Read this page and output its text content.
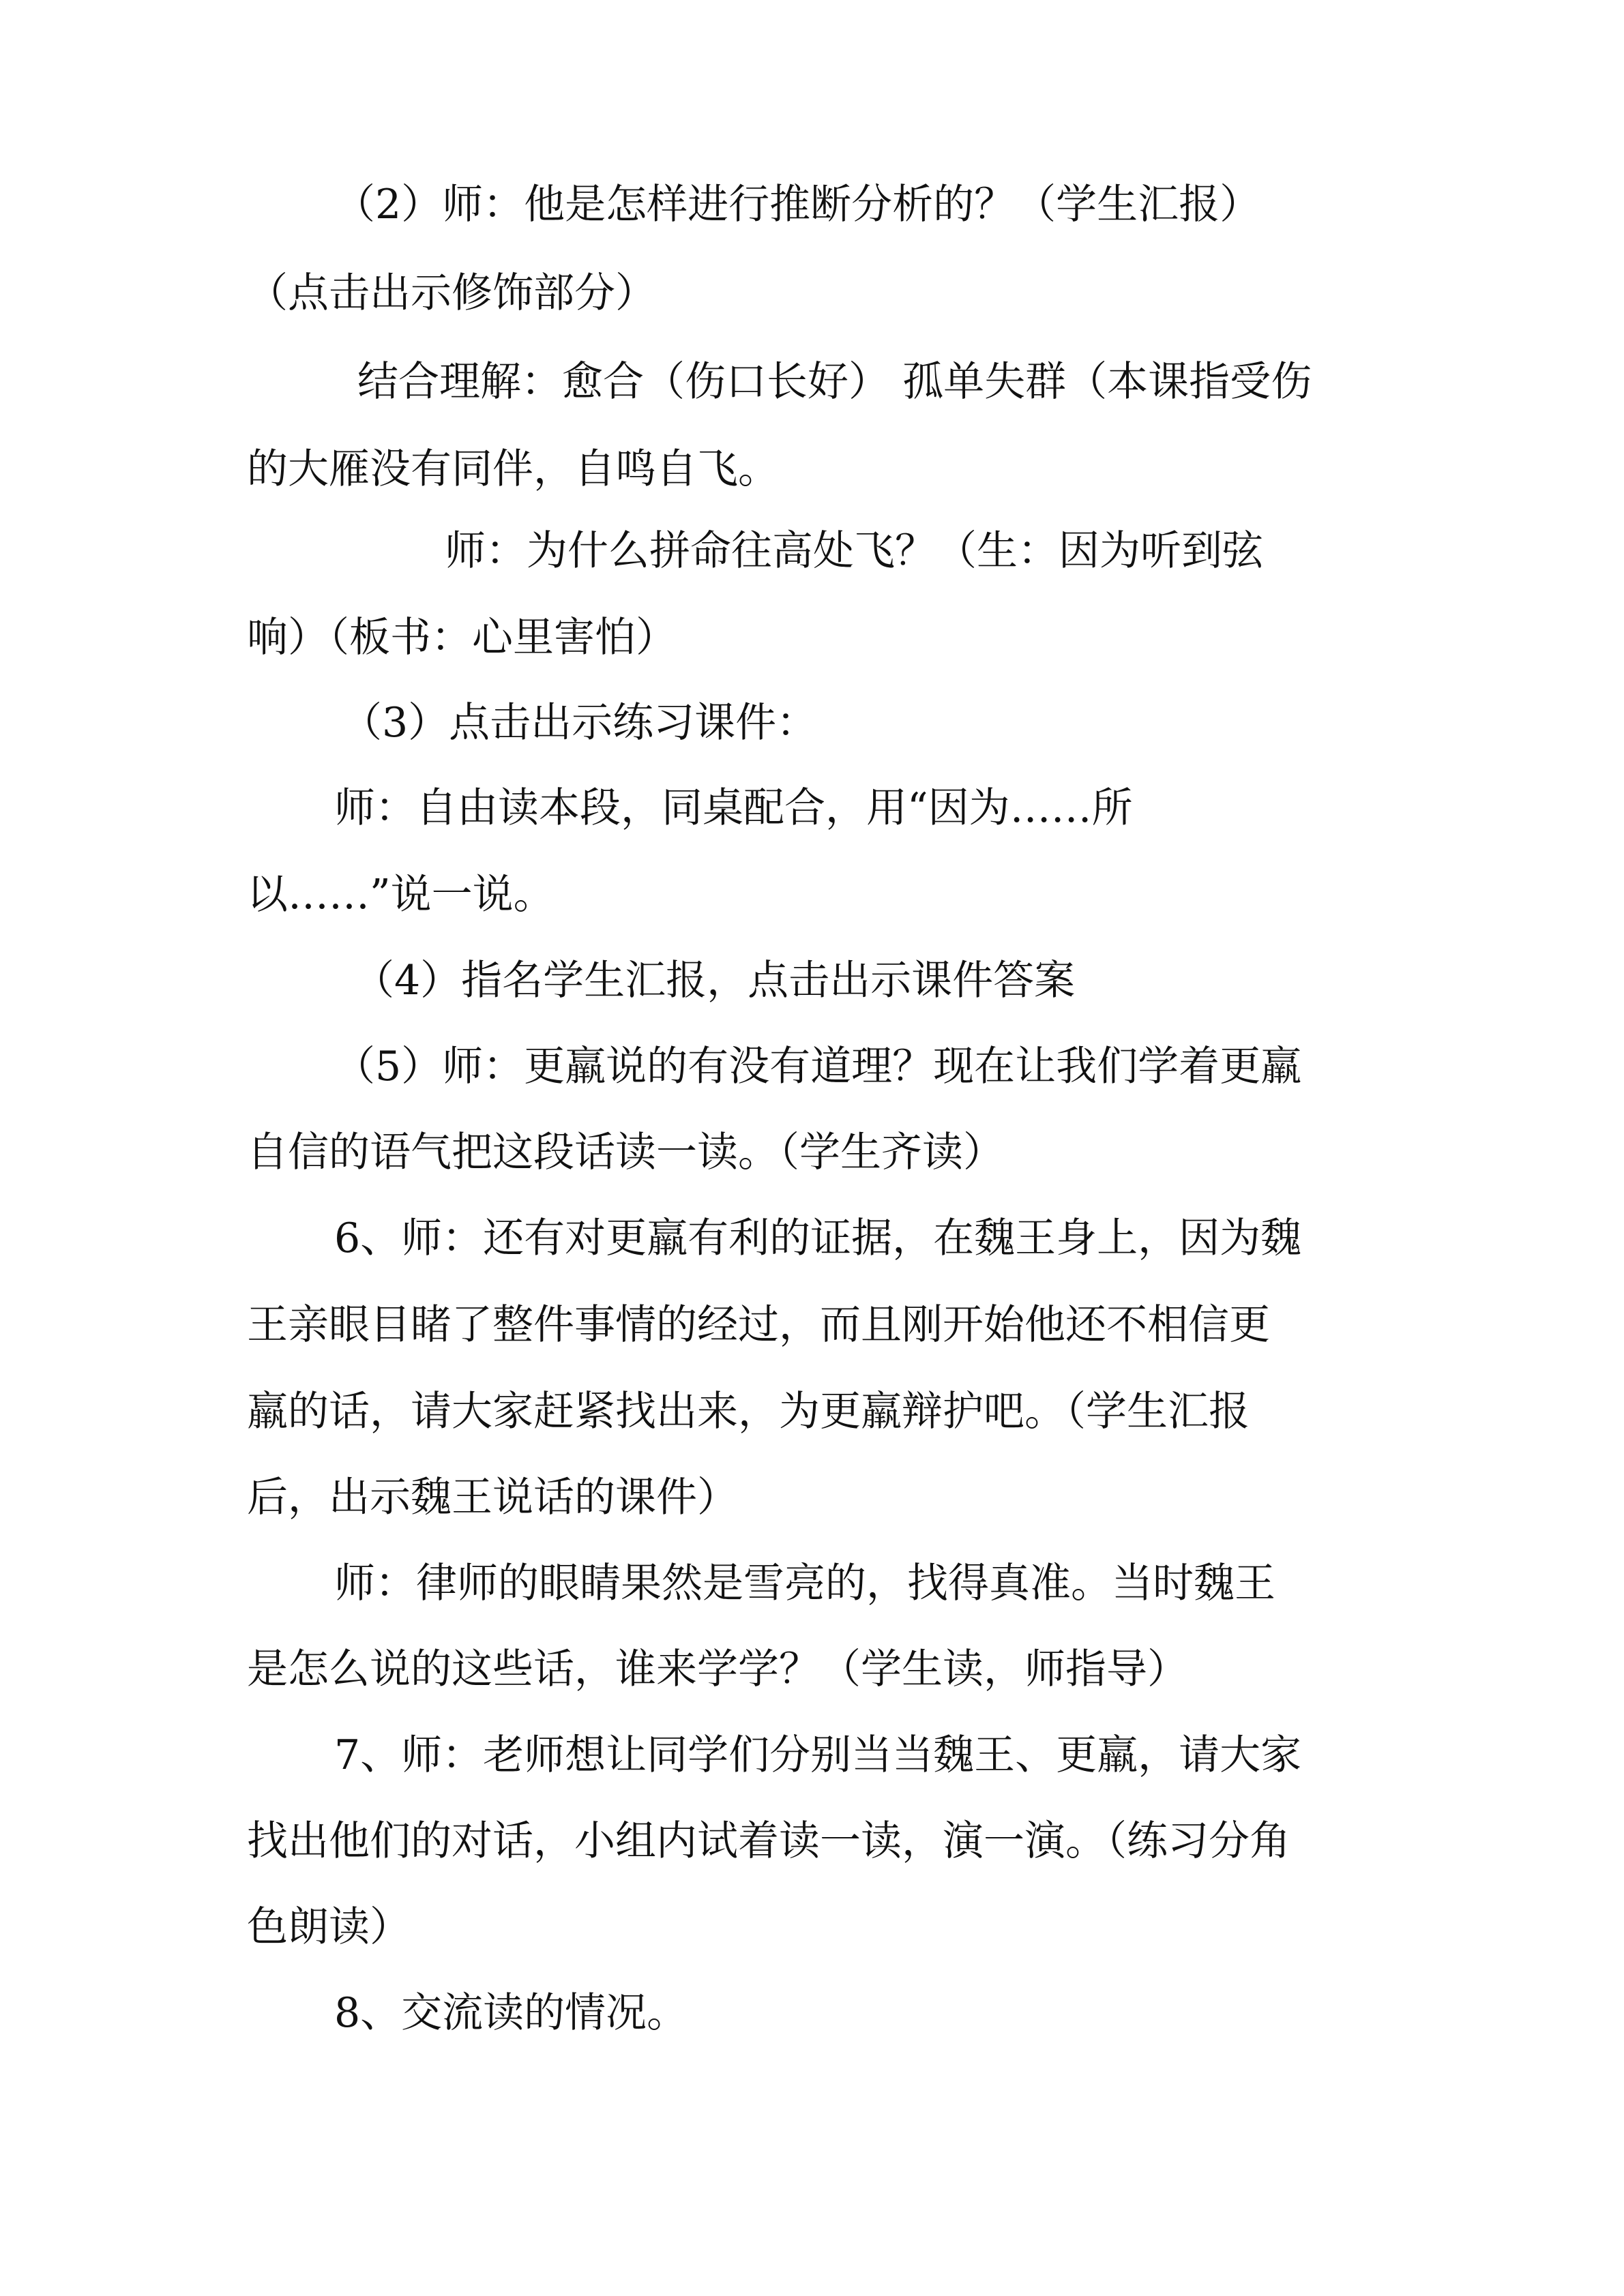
（2）师：他是怎样进行推断分析的？（学生汇报）
（点击出示修饰部分）
结合理解：愈合（伤口长好） 孤单失群（本课指受伤
的大雁没有同伴，自鸣自飞。
师：为什么拼命往高处飞？（生：因为听到弦
响）（板书：心里害怕）
（3）点击出示练习课件：
师：自由读本段，同桌配合，用“因为……所
以……”说一说。
（4）指名学生汇报，点击出示课件答案
（5）师：更羸说的有没有道理？现在让我们学着更羸
自信的语气把这段话读一读。（学生齐读）
6、师：还有对更羸有利的证据，在魏王身上，因为魏
王亲眼目睹了整件事情的经过，而且刚开始他还不相信更
羸的话，请大家赶紧找出来，为更羸辩护吧。（学生汇报
后，出示魏王说话的课件）
师：律师的眼睛果然是雪亮的，找得真准。当时魏王
是怎么说的这些话，谁来学学？（学生读，师指导）
7、师：老师想让同学们分别当当魏王、更羸，请大家
找出他们的对话，小组内试着读一读，演一演。（练习分角
色朗读）
8、交流读的情况。
